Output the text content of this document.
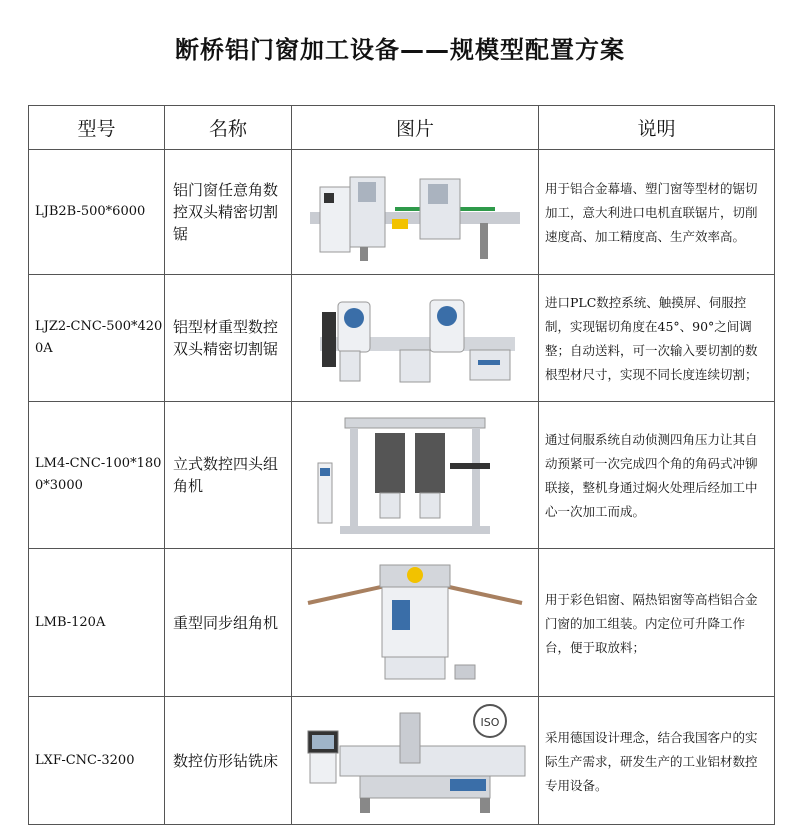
断桥铝门窗加工设备——规模型配置方案
型号	名称	图片	说明
LJB2B-500*6000	铝门窗任意角数控双头精密切割锯		用于铝合金幕墙、塑门窗等型材的锯切加工，意大利进口电机直联锯片，切削速度高、加工精度高、生产效率高。
LJZ2-CNC-500*4200A	铝型材重型数控双头精密切割锯		进口PLC数控系统、触摸屏、伺服控制，实现锯切角度在45°、90°之间调整；自动送料，可一次输入要切割的数根型材尺寸，实现不同长度连续切割；
LM4-CNC-100*1800*3000	立式数控四头组角机		通过伺服系统自动侦测四角压力让其自动预紧可一次完成四个角的角码式冲铆联接，整机身通过焖火处理后经加工中心一次加工而成。
LMB-120A	重型同步组角机		用于彩色铝窗、隔热铝窗等高档铝合金门窗的加工组装。内定位可升降工作台，便于取放料；
LXF-CNC-3200	数控仿形钻铣床	ISO	采用德国设计理念，结合我国客户的实际生产需求，研发生产的工业铝材数控专用设备。
